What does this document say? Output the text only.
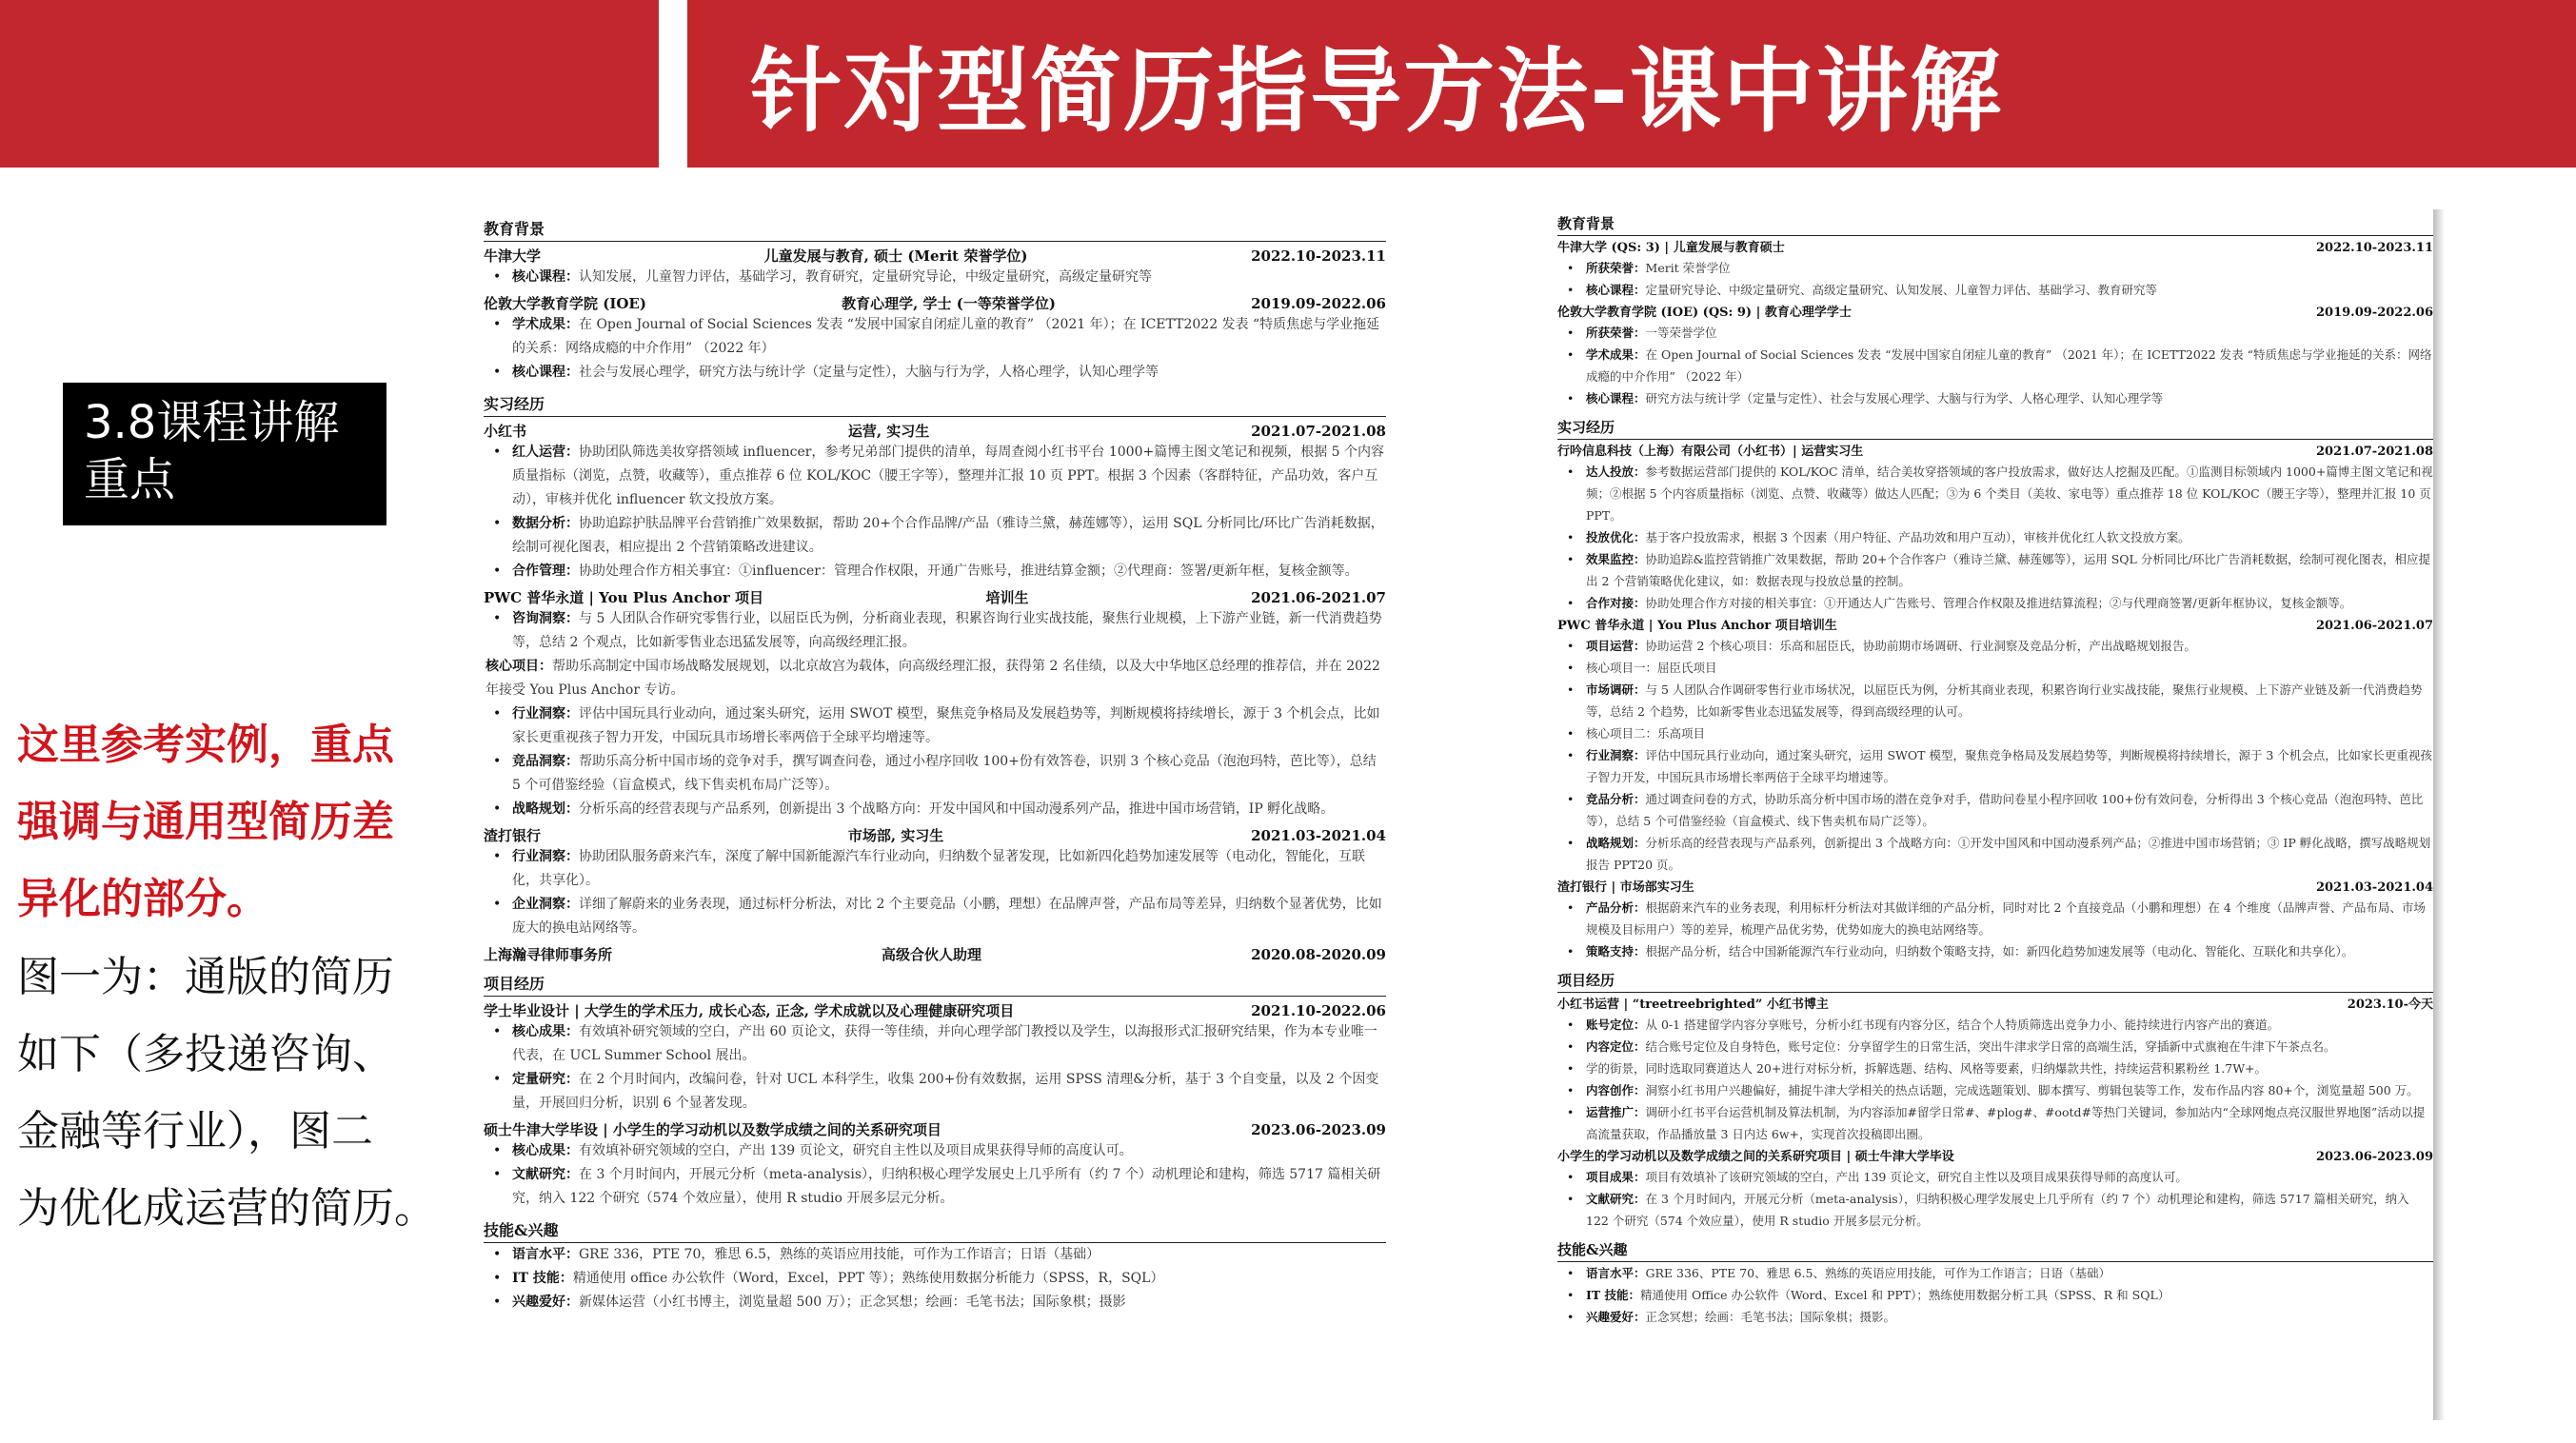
针对型简历指导方法-课中讲解
3.8课程讲解
重点
这里参考实例，重点
强调与通用型简历差
异化的部分。
图一为：通版的简历
如下（多投递咨询、
金融等行业），图二
为优化成运营的简历。
教育背景
牛津大学	儿童发展与教育, 硕士 (Merit 荣誉学位)	2022.10-2023.11
• 核心课程：认知发展，儿童智力评估，基础学习，教育研究，定量研究导论，中级定量研究，高级定量研究等
伦敦大学教育学院 (IOE)	教育心理学, 学士 (一等荣誉学位)	2019.09-2022.06
• 学术成果：在 Open Journal of Social Sciences 发表 “发展中国家自闭症儿童的教育” （2021 年）；在 ICETT2022 发表 “特质焦虑与学业拖延的关系：网络成瘾的中介作用” （2022 年）
• 核心课程：社会与发展心理学，研究方法与统计学（定量与定性），大脑与行为学，人格心理学，认知心理学等
实习经历
小红书	运营, 实习生	2021.07-2021.08
• 红人运营：协助团队筛选美妆穿搭领域 influencer，参考兄弟部门提供的清单，每周查阅小红书平台 1000+篇博主图文笔记和视频，根据 5 个内容质量指标（浏览，点赞，收藏等），重点推荐 6 位 KOL/KOC（腰王字等），整理并汇报 10 页 PPT。根据 3 个因素（客群特征，产品功效，客户互动），审核并优化 influencer 软文投放方案。
• 数据分析：协助追踪护肤品牌平台营销推广效果数据，帮助 20+个合作品牌/产品（雅诗兰黛，赫莲娜等），运用 SQL 分析同比/环比广告消耗数据，绘制可视化图表，相应提出 2 个营销策略改进建议。
• 合作管理：协助处理合作方相关事宜：①influencer：管理合作权限，开通广告账号，推进结算金额；②代理商：签署/更新年框，复核金额等。
PWC 普华永道 | You Plus Anchor 项目	培训生	2021.06-2021.07
• 咨询洞察：与 5 人团队合作研究零售行业，以屈臣氏为例，分析商业表现，积累咨询行业实战技能，聚焦行业规模，上下游产业链，新一代消费趋势等，总结 2 个观点，比如新零售业态迅猛发展等，向高级经理汇报。
核心项目：帮助乐高制定中国市场战略发展规划，以北京故宫为载体，向高级经理汇报，获得第 2 名佳绩，以及大中华地区总经理的推荐信，并在 2022 年接受 You Plus Anchor 专访。
• 行业洞察：评估中国玩具行业动向，通过案头研究，运用 SWOT 模型，聚焦竞争格局及发展趋势等，判断规模将持续增长，源于 3 个机会点，比如家长更重视孩子智力开发，中国玩具市场增长率两倍于全球平均增速等。
• 竞品洞察：帮助乐高分析中国市场的竞争对手，撰写调查问卷，通过小程序回收 100+份有效答卷，识别 3 个核心竞品（泡泡玛特，芭比等），总结 5 个可借鉴经验（盲盒模式，线下售卖机布局广泛等）。
• 战略规划：分析乐高的经营表现与产品系列，创新提出 3 个战略方向：开发中国风和中国动漫系列产品，推进中国市场营销，IP 孵化战略。
渣打银行	市场部, 实习生	2021.03-2021.04
• 行业洞察：协助团队服务蔚来汽车，深度了解中国新能源汽车行业动向，归纳数个显著发现，比如新四化趋势加速发展等（电动化，智能化，互联化，共享化）。
• 企业洞察：详细了解蔚来的业务表现，通过标杆分析法，对比 2 个主要竞品（小鹏，理想）在品牌声誉，产品布局等差异，归纳数个显著优势，比如庞大的换电站网络等。
上海瀚寻律师事务所	高级合伙人助理	2020.08-2020.09
项目经历
学士毕业设计 | 大学生的学术压力, 成长心态, 正念, 学术成就以及心理健康研究项目	2021.10-2022.06
• 核心成果：有效填补研究领域的空白，产出 60 页论文，获得一等佳绩，并向心理学部门教授以及学生，以海报形式汇报研究结果，作为本专业唯一代表，在 UCL Summer School 展出。
• 定量研究：在 2 个月时间内，改编问卷，针对 UCL 本科学生，收集 200+份有效数据，运用 SPSS 清理&分析，基于 3 个自变量，以及 2 个因变量，开展回归分析，识别 6 个显著发现。
硕士牛津大学毕设 | 小学生的学习动机以及数学成绩之间的关系研究项目	2023.06-2023.09
• 核心成果：有效填补研究领域的空白，产出 139 页论文，研究自主性以及项目成果获得导师的高度认可。
• 文献研究：在 3 个月时间内，开展元分析（meta-analysis），归纳积极心理学发展史上几乎所有（约 7 个）动机理论和建构，筛选 5717 篇相关研究，纳入 122 个研究（574 个效应量），使用 R studio 开展多层元分析。
技能&兴趣
• 语言水平：GRE 336，PTE 70，雅思 6.5，熟练的英语应用技能，可作为工作语言；日语（基础）
• IT 技能：精通使用 office 办公软件（Word，Excel，PPT 等）；熟练使用数据分析能力（SPSS，R，SQL）
• 兴趣爱好：新媒体运营（小红书博主，浏览量超 500 万）；正念冥想；绘画：毛笔书法；国际象棋；摄影
教育背景
牛津大学 (QS: 3) | 儿童发展与教育硕士	2022.10-2023.11
• 所获荣誉：Merit 荣誉学位
• 核心课程：定量研究导论、中级定量研究、高级定量研究、认知发展、儿童智力评估、基础学习、教育研究等
伦敦大学教育学院 (IOE) (QS: 9) | 教育心理学学士	2019.09-2022.06
• 所获荣誉：一等荣誉学位
• 学术成果：在 Open Journal of Social Sciences 发表 “发展中国家自闭症儿童的教育” （2021 年）；在 ICETT2022 发表 “特质焦虑与学业拖延的关系：网络成瘾的中介作用” （2022 年）
• 核心课程：研究方法与统计学（定量与定性）、社会与发展心理学、大脑与行为学、人格心理学、认知心理学等
实习经历
行吟信息科技（上海）有限公司（小红书）| 运营实习生	2021.07-2021.08
• 达人投放：参考数据运营部门提供的 KOL/KOC 清单，结合美妆穿搭领域的客户投放需求，做好达人挖掘及匹配。①监测目标领域内 1000+篇博主图文笔记和视频；②根据 5 个内容质量指标（浏览、点赞、收藏等）做达人匹配；③为 6 个类目（美妆、家电等）重点推荐 18 位 KOL/KOC（腰王字等），整理并汇报 10 页 PPT。
• 投放优化：基于客户投放需求，根据 3 个因素（用户特征、产品功效和用户互动），审核并优化红人软文投放方案。
• 效果监控：协助追踪&监控营销推广效果数据，帮助 20+个合作客户（雅诗兰黛、赫莲娜等），运用 SQL 分析同比/环比广告消耗数据，绘制可视化图表，相应提出 2 个营销策略优化建议，如：数据表现与投放总量的控制。
• 合作对接：协助处理合作方对接的相关事宜：①开通达人广告账号、管理合作权限及推进结算流程；②与代理商签署/更新年框协议，复核金额等。
PWC 普华永道 | You Plus Anchor 项目培训生	2021.06-2021.07
• 项目运营：协助运营 2 个核心项目：乐高和屈臣氏，协助前期市场调研、行业洞察及竞品分析，产出战略规划报告。
• 核心项目一：屈臣氏项目
• 市场调研：与 5 人团队合作调研零售行业市场状况，以屈臣氏为例，分析其商业表现，积累咨询行业实战技能，聚焦行业规模、上下游产业链及新一代消费趋势等，总结 2 个趋势，比如新零售业态迅猛发展等，得到高级经理的认可。
• 核心项目二：乐高项目
• 行业洞察：评估中国玩具行业动向，通过案头研究，运用 SWOT 模型，聚焦竞争格局及发展趋势等，判断规模将持续增长，源于 3 个机会点，比如家长更重视孩子智力开发，中国玩具市场增长率两倍于全球平均增速等。
• 竞品分析：通过调查问卷的方式，协助乐高分析中国市场的潜在竞争对手，借助问卷星小程序回收 100+份有效问卷，分析得出 3 个核心竞品（泡泡玛特、芭比等），总结 5 个可借鉴经验（盲盒模式、线下售卖机布局广泛等）。
• 战略规划：分析乐高的经营表现与产品系列，创新提出 3 个战略方向：①开发中国风和中国动漫系列产品；②推进中国市场营销；③ IP 孵化战略，撰写战略规划报告 PPT20 页。
渣打银行 | 市场部实习生	2021.03-2021.04
• 产品分析：根据蔚来汽车的业务表现，利用标杆分析法对其做详细的产品分析，同时对比 2 个直接竞品（小鹏和理想）在 4 个维度（品牌声誉、产品布局、市场规模及目标用户）等的差异，梳理产品优劣势，优势如庞大的换电站网络等。
• 策略支持：根据产品分析，结合中国新能源汽车行业动向，归纳数个策略支持，如：新四化趋势加速发展等（电动化、智能化、互联化和共享化）。
项目经历
小红书运营 | “treetreebrighted” 小红书博主	2023.10-今天
• 账号定位：从 0-1 搭建留学内容分享账号，分析小红书现有内容分区，结合个人特质筛选出竞争力小、能持续进行内容产出的赛道。
• 内容定位：结合账号定位及自身特色，账号定位：分享留学生的日常生活，突出牛津求学日常的高端生活，穿插新中式旗袍在牛津下午茶点名。
• 学的街景，同时选取同赛道达人 20+进行对标分析，拆解选题、结构、风格等要素，归纳爆款共性，持续运营积累粉丝 1.7W+。
• 内容创作：洞察小红书用户兴趣偏好，捕捉牛津大学相关的热点话题，完成选题策划、脚本撰写、剪辑包装等工作，发布作品内容 80+个，浏览量超 500 万。
• 运营推广：调研小红书平台运营机制及算法机制，为内容添加#留学日常#、#plog#、#ootd#等热门关键词，参加站内“全球网炮点亮汉服世界地图”活动以提高流量获取，作品播放量 3 日内达 6w+，实现首次投稿即出圈。
小学生的学习动机以及数学成绩之间的关系研究项目 | 硕士牛津大学毕设	2023.06-2023.09
• 项目成果：项目有效填补了该研究领域的空白，产出 139 页论文，研究自主性以及项目成果获得导师的高度认可。
• 文献研究：在 3 个月时间内，开展元分析（meta-analysis），归纳积极心理学发展史上几乎所有（约 7 个）动机理论和建构，筛选 5717 篇相关研究，纳入 122 个研究（574 个效应量），使用 R studio 开展多层元分析。
技能&兴趣
• 语言水平：GRE 336、PTE 70、雅思 6.5、熟练的英语应用技能，可作为工作语言；日语（基础）
• IT 技能：精通使用 Office 办公软件（Word、Excel 和 PPT）；熟练使用数据分析工具（SPSS、R 和 SQL）
• 兴趣爱好：正念冥想；绘画：毛笔书法；国际象棋；摄影。
